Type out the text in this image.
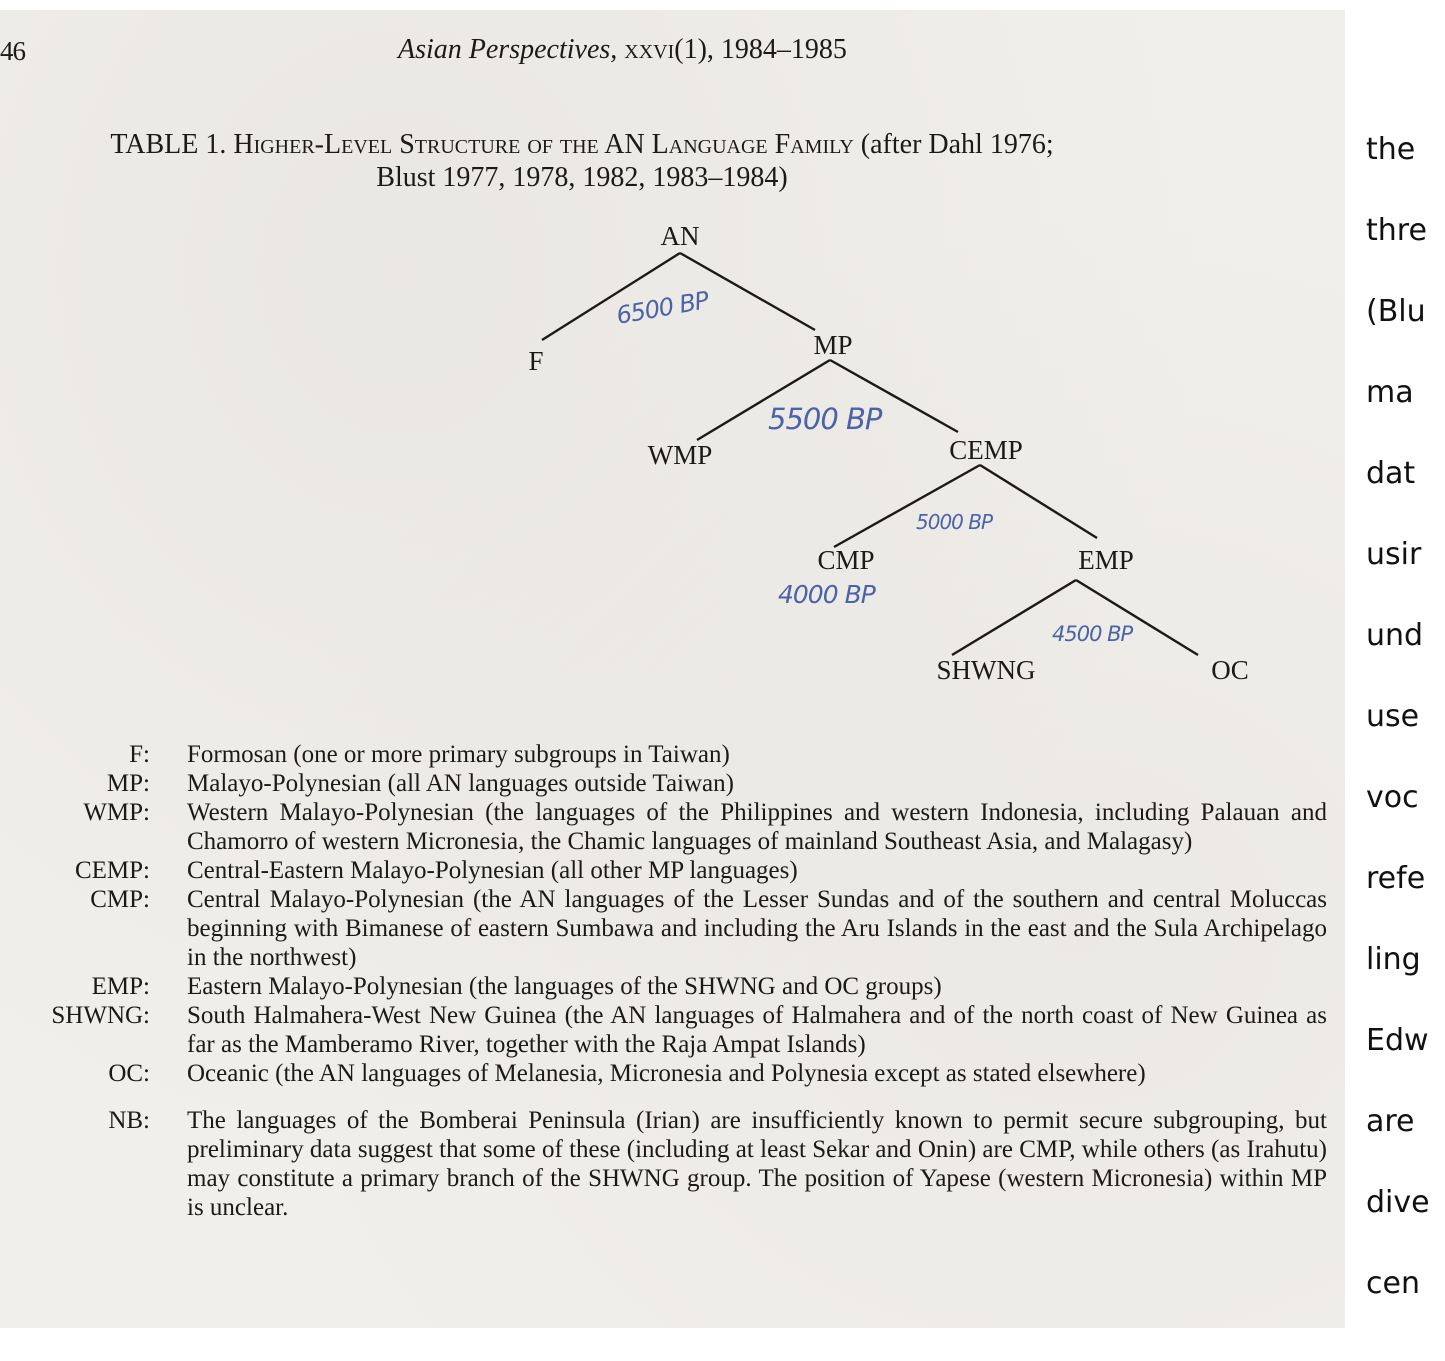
46	Asian Perspectives, xxvi(1), 1984–1985
TABLE 1. Higher-Level Structure of the AN Language Family (after Dahl 1976;
Blust 1977, 1978, 1982, 1983–1984)
AN
F
MP
WMP	CEMP
CMP	EMP
SHWNG	OC
6500 BP
5500 BP
5000 BP
4000 BP
4500 BP
F:	Formosan (one or more primary subgroups in Taiwan)
MP:	Malayo-Polynesian (all AN languages outside Taiwan)
WMP:	Western Malayo-Polynesian (the languages of the Philippines and western Indonesia, including Palauan and Chamorro of western Micronesia, the Chamic languages of mainland Southeast Asia, and Malagasy)
CEMP:	Central-Eastern Malayo-Polynesian (all other MP languages)
CMP:	Central Malayo-Polynesian (the AN languages of the Lesser Sundas and of the southern and central Moluccas beginning with Bimanese of eastern Sumbawa and including the Aru Islands in the east and the Sula Archipelago in the northwest)
EMP:	Eastern Malayo-Polynesian (the languages of the SHWNG and OC groups)
SHWNG:	South Halmahera-West New Guinea (the AN languages of Halmahera and of the north coast of New Guinea as far as the Mamberamo River, together with the Raja Ampat Islands)
OC:	Oceanic (the AN languages of Melanesia, Micronesia and Polynesia except as stated elsewhere)
NB:	The languages of the Bomberai Peninsula (Irian) are insufficiently known to permit secure subgrouping, but preliminary data suggest that some of these (including at least Sekar and Onin) are CMP, while others (as Irahutu) may constitute a primary branch of the SHWNG group. The position of Yapese (western Micronesia) within MP is unclear.
the
thre
(Blu
ma
dat
usir
und
use
voc
refe
ling
Edw
are
dive
cen
